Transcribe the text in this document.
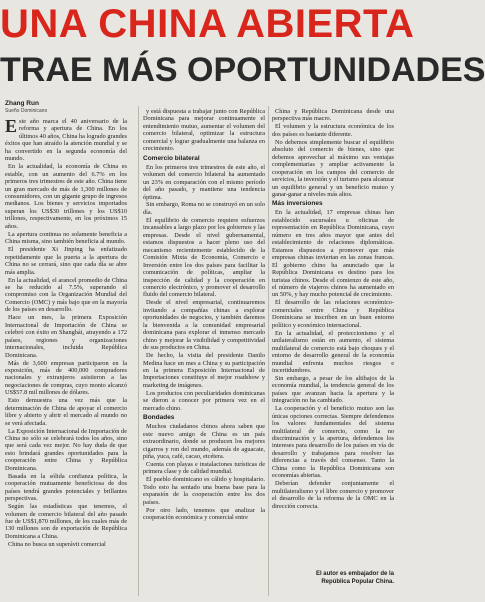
UNA CHINA ABIERTA
TRAE MÁS OPORTUNIDADES
Zhang Run
Sueño Dominicano

Este año marca el 40 aniversario de la reforma y apertura de China. En los últimos 40 años, China ha logrado grandes éxitos que han atraído la atención mundial y se ha convertido en la segunda economía del mundo.

En la actualidad, la economía de China es estable, con un aumento del 6.7% en los primeros tres trimestres de este año. China tiene un gran mercado de más de 1,300 millones de consumidores, con un gigante grupo de ingresos medianos. Los bienes y servicios importados superan los US$30 trillones y los US$10 trillones, respectivamente, en los próximos 15 años.

La apertura continua no solamente beneficia a China misma, sino también beneficia al mundo.

El presidente Xi Jinping ha enfatizado repetidamente que la puerta a la apertura de China no se cerrará, sino que cada día se abre más amplia.

En la actualidad, el arancel promedio de China se ha reducido al 7.5%, superando el compromiso con la Organización Mundial del Comercio (OMC) y más bajo que en la mayoría de los países en desarrollo.

Hace un mes, la primera Exposición Internacional de Importación de China se celebró con éxito en Shanghái, atrayendo a 172 países, regiones y organizaciones internacionales, incluida República Dominicana.

Más de 3,600 empresas participaron en la exposición, más de 400,000 compradores nacionales y extranjeros asistieron a las negociaciones de compras, cuyo monto alcanzó US$57.8 mil millones de dólares.

Esto demuestra una vez más que la determinación de China de apoyar el comercio libre y abierto y abrir el mercado al mundo no se verá afectada.

La Exposición Internacional de Importación de China no sólo se celebrará todos los años, sino que será cada vez mejor. No hay duda de que esto brindará grandes oportunidades para la cooperación entre China y República Dominicana.

Basada en la sólida confianza política, la cooperación mutuamente beneficiosa de dos países tendrá grandes potenciales y brillantes perspectivas.

Según las estadísticas que tenemos, el volumen de comercio bilateral del año pasado fue de US$1,870 millones, de los cuales más de 130 millones son de exportación de República Dominicana a China.

China no busca un superávit comercial

y está dispuesta a trabajar junto con República Dominicana para mejorar continuamente el entendimiento mutuo, aumentar el volumen del comercio bilateral, optimizar la estructura comercial y lograr gradualmente una balanza en crecimiento.

Comercio bilateral

En los primeros tres trimestres de este año, el volumen del comercio bilateral ha aumentado un 23% en comparación con el mismo período del año pasado, y mantiene una tendencia óptima.

Sin embargo, Roma no se construyó en un solo día.

El equilibrio de comercio requiere esfuerzos incansables a largo plazo por los gobiernos y las empresas. Desde el nivel gubernamental, estamos dispuestos a hacer pleno uso del mecanismo recientemente establecido de la Comisión Mixta de Economía, Comercio e Inversión entre los dos países para facilitar la comunicación de políticas, ampliar la inspección de calidad y la cooperación en comercio electrónico, y promover el desarrollo fluido del comercio bilateral.

Desde el nivel empresarial, continuaremos invitando a compañías chinas a explorar oportunidades de negocios, y también daremos la bienvenida a la comunidad empresarial dominicana para explorar el inmenso mercado chino y mejorar la visibilidad y competitividad de sus productos en China.

De hecho, la visita del presidente Danilo Medina hace un mes a China y su participación en la primera Exposición Internacional de Importaciones constituye el mejor roadshow y marketing de imágenes.

Los productos con peculiaridades dominicanas se dieron a conocer por primera vez en el mercado chino.

Bondades

Muchos ciudadanos chinos ahora saben que este nuevo amigo de China es un país extraordinario, donde se producen los mejores cigarros y ron del mundo, además de aguacate, piña, yuca, café, cacao, etcétera.

Cuenta con playas e instalaciones turísticas de primera clase y de calidad mundial.

El pueblo dominicano es cálido y hospitalario. Todo esto ha sentado una buena base para la expansión de la cooperación entre los dos países.

Por otro lado, tenemos que analizar la cooperación económica y comercial entre

China y República Dominicana desde una perspectiva más macro.

El volumen y la estructura económica de los dos países es bastante diferente.

No debemos simplemente buscar el equilibrio absoluto del comercio de bienes, sino que debemos aprovechar al máximo sus ventajas complementarias y ampliar activamente la cooperación en los campos del comercio de servicios, la inversión y el turismo para alcanzar un equilibrio general y un beneficio mutuo y ganar-ganar a niveles más altos.

Más inversiones

En la actualidad, 17 empresas chinas han establecido sucursales u oficinas de representación en República Dominicana, cuyo número en tres años mayor que antes del establecimiento de relaciones diplomáticas. Estamos dispuestos a promover que más empresas chinas inviertan en las zonas francas. El gobierno chino ha anunciado que la República Dominicana es destino para los turistas chinos. Desde el comienzo de este año, el número de viajeros chinos ha aumentado en un 50%, y hay mucho potencial de crecimiento.

El desarrollo de las relaciones económico-comerciales entre China y República Dominicana se inscriben en un buen entorno político y económico internacional.

En la actualidad, el proteccionismo y el unilateralismo están en aumento, el sistema multilateral de comercio está bajo choques y el entorno de desarrollo general de la economía mundial enfrenta muchos riesgos e incertidumbres.

Sin embargo, a pesar de los altibajos de la economía mundial, la tendencia general de los países que avanzan hacia la apertura y la integración no ha cambiado.

La cooperación y el beneficio mutuo son las únicas opciones correctas. Siempre defendemos los valores fundamentales del sistema multilateral de comercio, como la no discriminación y la apertura, defendemos los intereses para desarrollo de los países en vía de desarrollo y trabajamos para resolver las diferencias a través del consenso. Tanto la China como la República Dominicana son economías abiertas.

Deberían defender conjuntamente el multilateralismo y el libre comercio y promover el desarrollo de la reforma de la OMC en la dirección correcta.

El autor es embajador de la
República Popular China.
